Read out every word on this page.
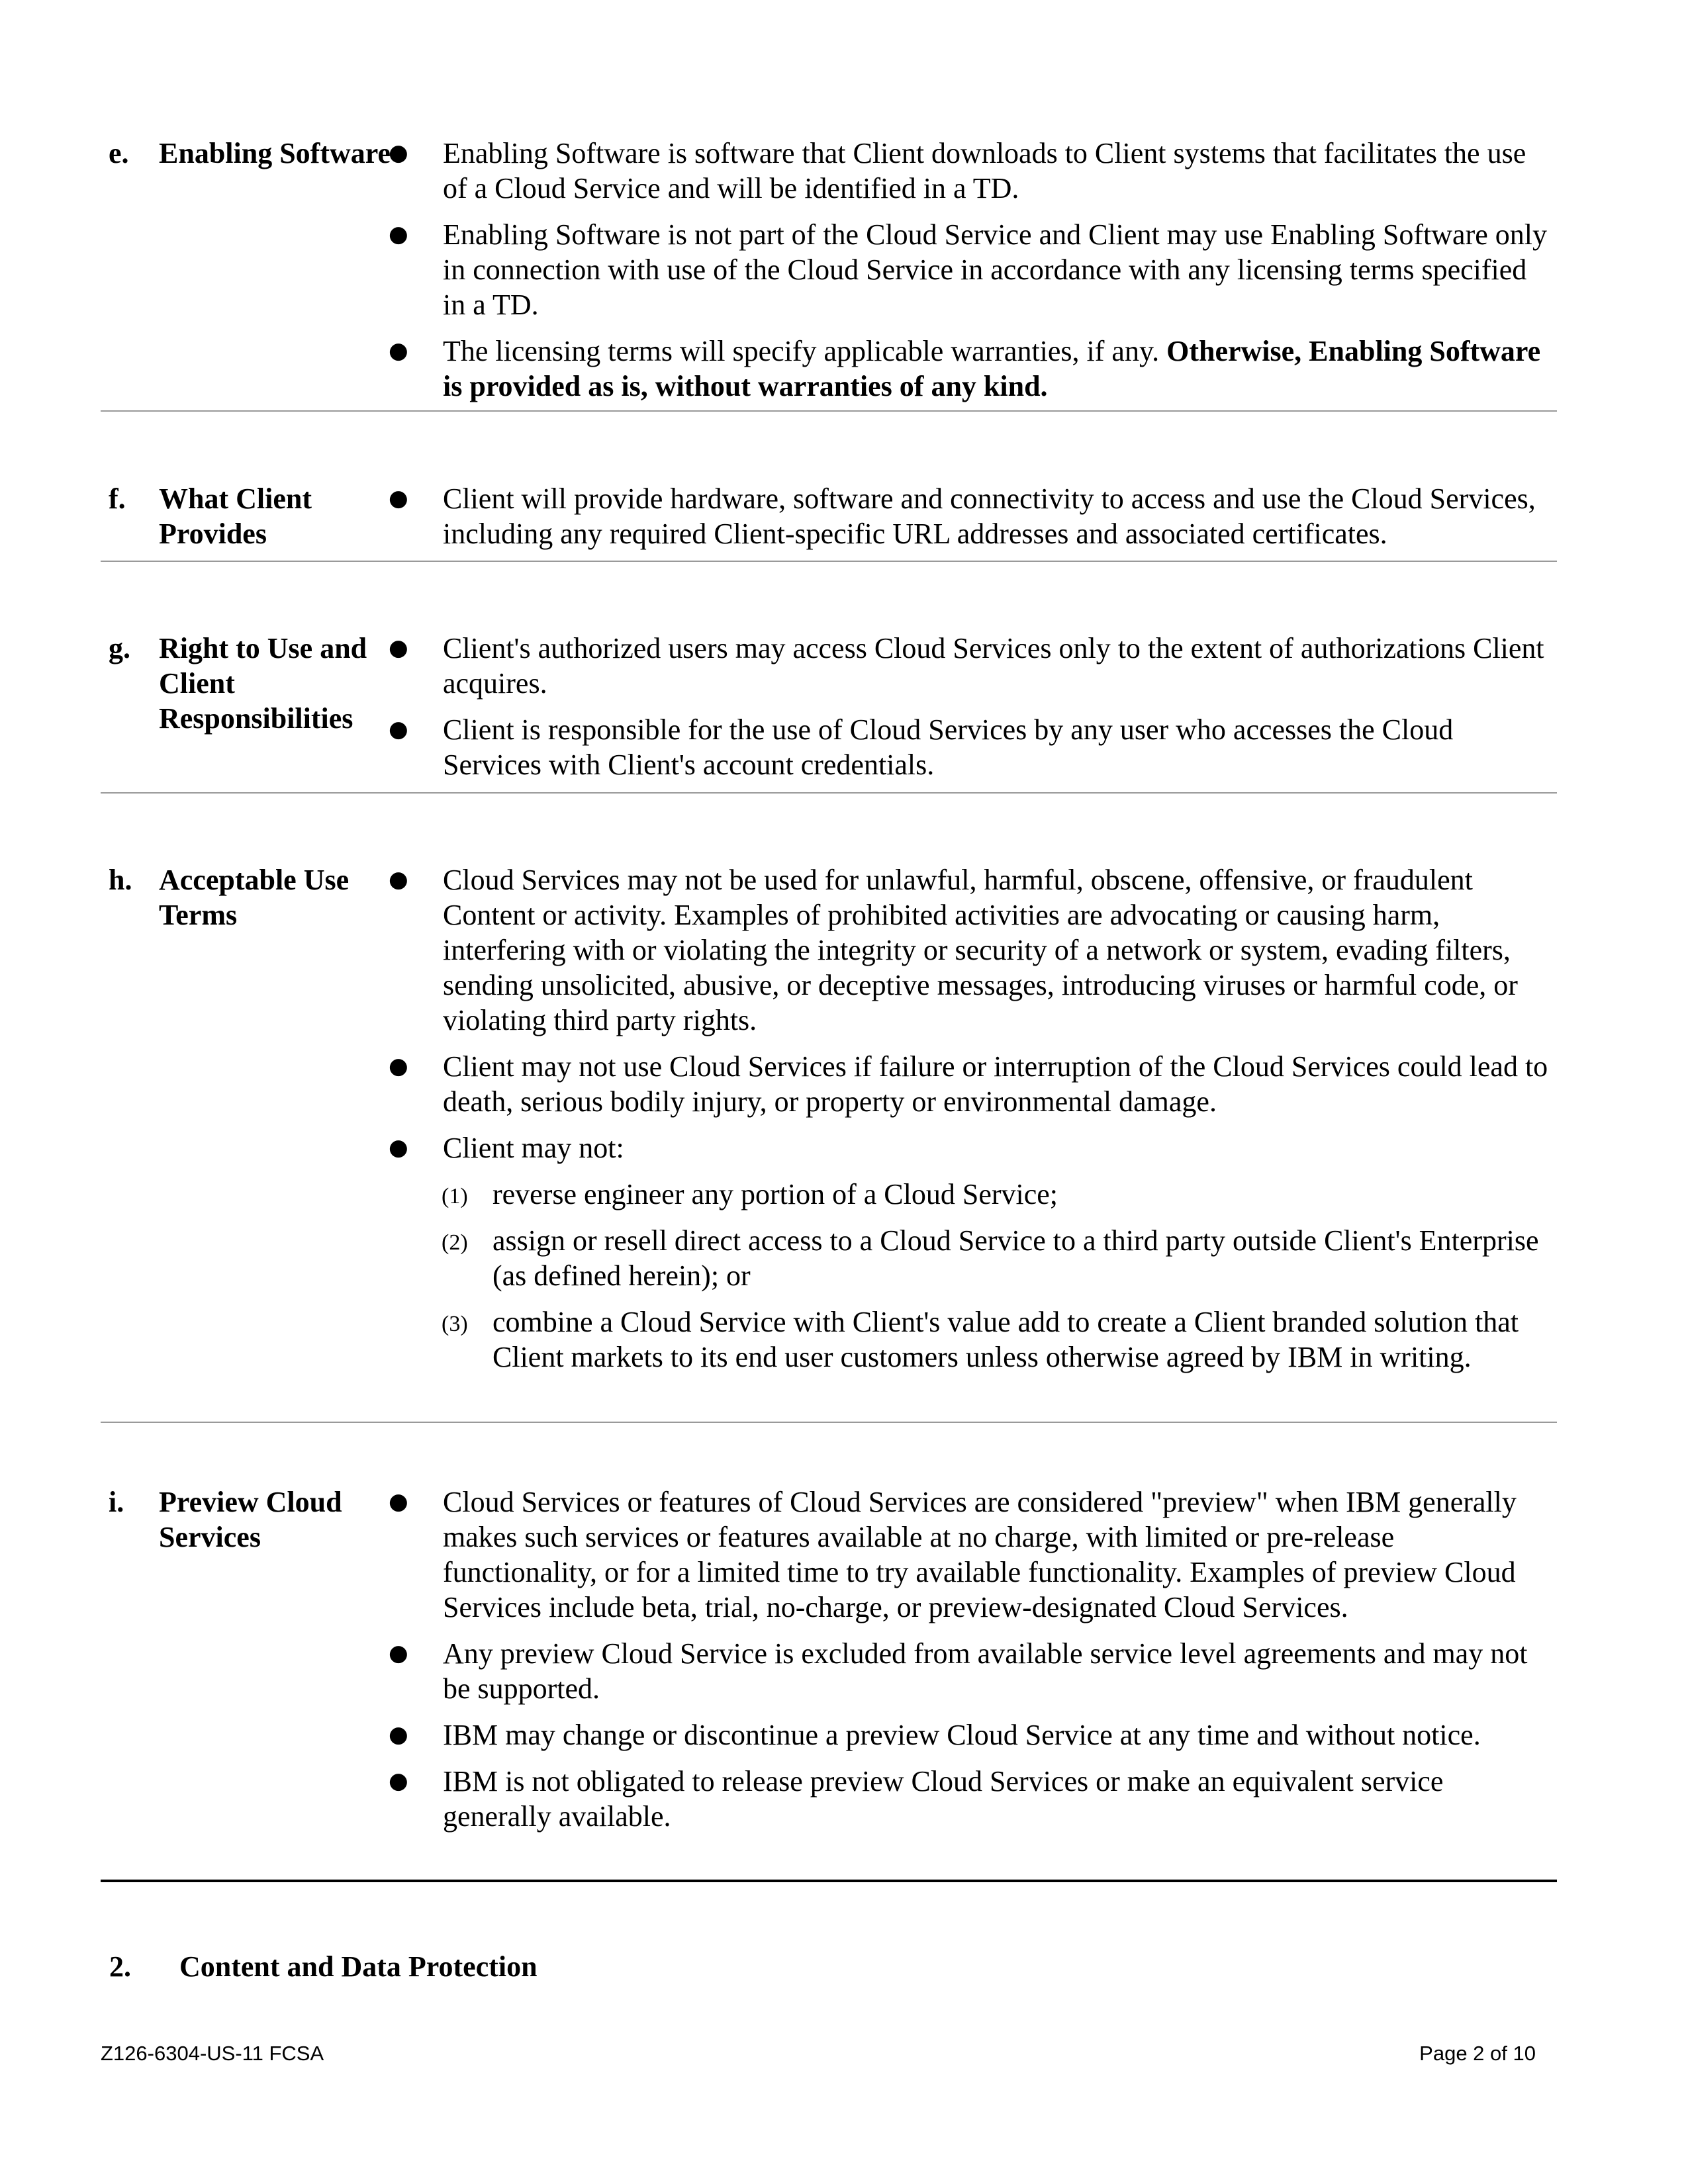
e. Enabling Software
● Enabling Software is software that Client downloads to Client systems that facilitates the use of a Cloud Service and will be identified in a TD.
● Enabling Software is not part of the Cloud Service and Client may use Enabling Software only in connection with use of the Cloud Service in accordance with any licensing terms specified in a TD.
● The licensing terms will specify applicable warranties, if any. Otherwise, Enabling Software is provided as is, without warranties of any kind.
f. What Client Provides
● Client will provide hardware, software and connectivity to access and use the Cloud Services, including any required Client-specific URL addresses and associated certificates.
g. Right to Use and Client Responsibilities
● Client's authorized users may access Cloud Services only to the extent of authorizations Client acquires.
● Client is responsible for the use of Cloud Services by any user who accesses the Cloud Services with Client's account credentials.
h. Acceptable Use Terms
● Cloud Services may not be used for unlawful, harmful, obscene, offensive, or fraudulent Content or activity. Examples of prohibited activities are advocating or causing harm, interfering with or violating the integrity or security of a network or system, evading filters, sending unsolicited, abusive, or deceptive messages, introducing viruses or harmful code, or violating third party rights.
● Client may not use Cloud Services if failure or interruption of the Cloud Services could lead to death, serious bodily injury, or property or environmental damage.
● Client may not:
(1) reverse engineer any portion of a Cloud Service;
(2) assign or resell direct access to a Cloud Service to a third party outside Client's Enterprise (as defined herein); or
(3) combine a Cloud Service with Client's value add to create a Client branded solution that Client markets to its end user customers unless otherwise agreed by IBM in writing.
i. Preview Cloud Services
● Cloud Services or features of Cloud Services are considered "preview" when IBM generally makes such services or features available at no charge, with limited or pre-release functionality, or for a limited time to try available functionality. Examples of preview Cloud Services include beta, trial, no-charge, or preview-designated Cloud Services.
● Any preview Cloud Service is excluded from available service level agreements and may not be supported.
● IBM may change or discontinue a preview Cloud Service at any time and without notice.
● IBM is not obligated to release preview Cloud Services or make an equivalent service generally available.
2. Content and Data Protection
Z126-6304-US-11 FCSA	Page 2 of 10
